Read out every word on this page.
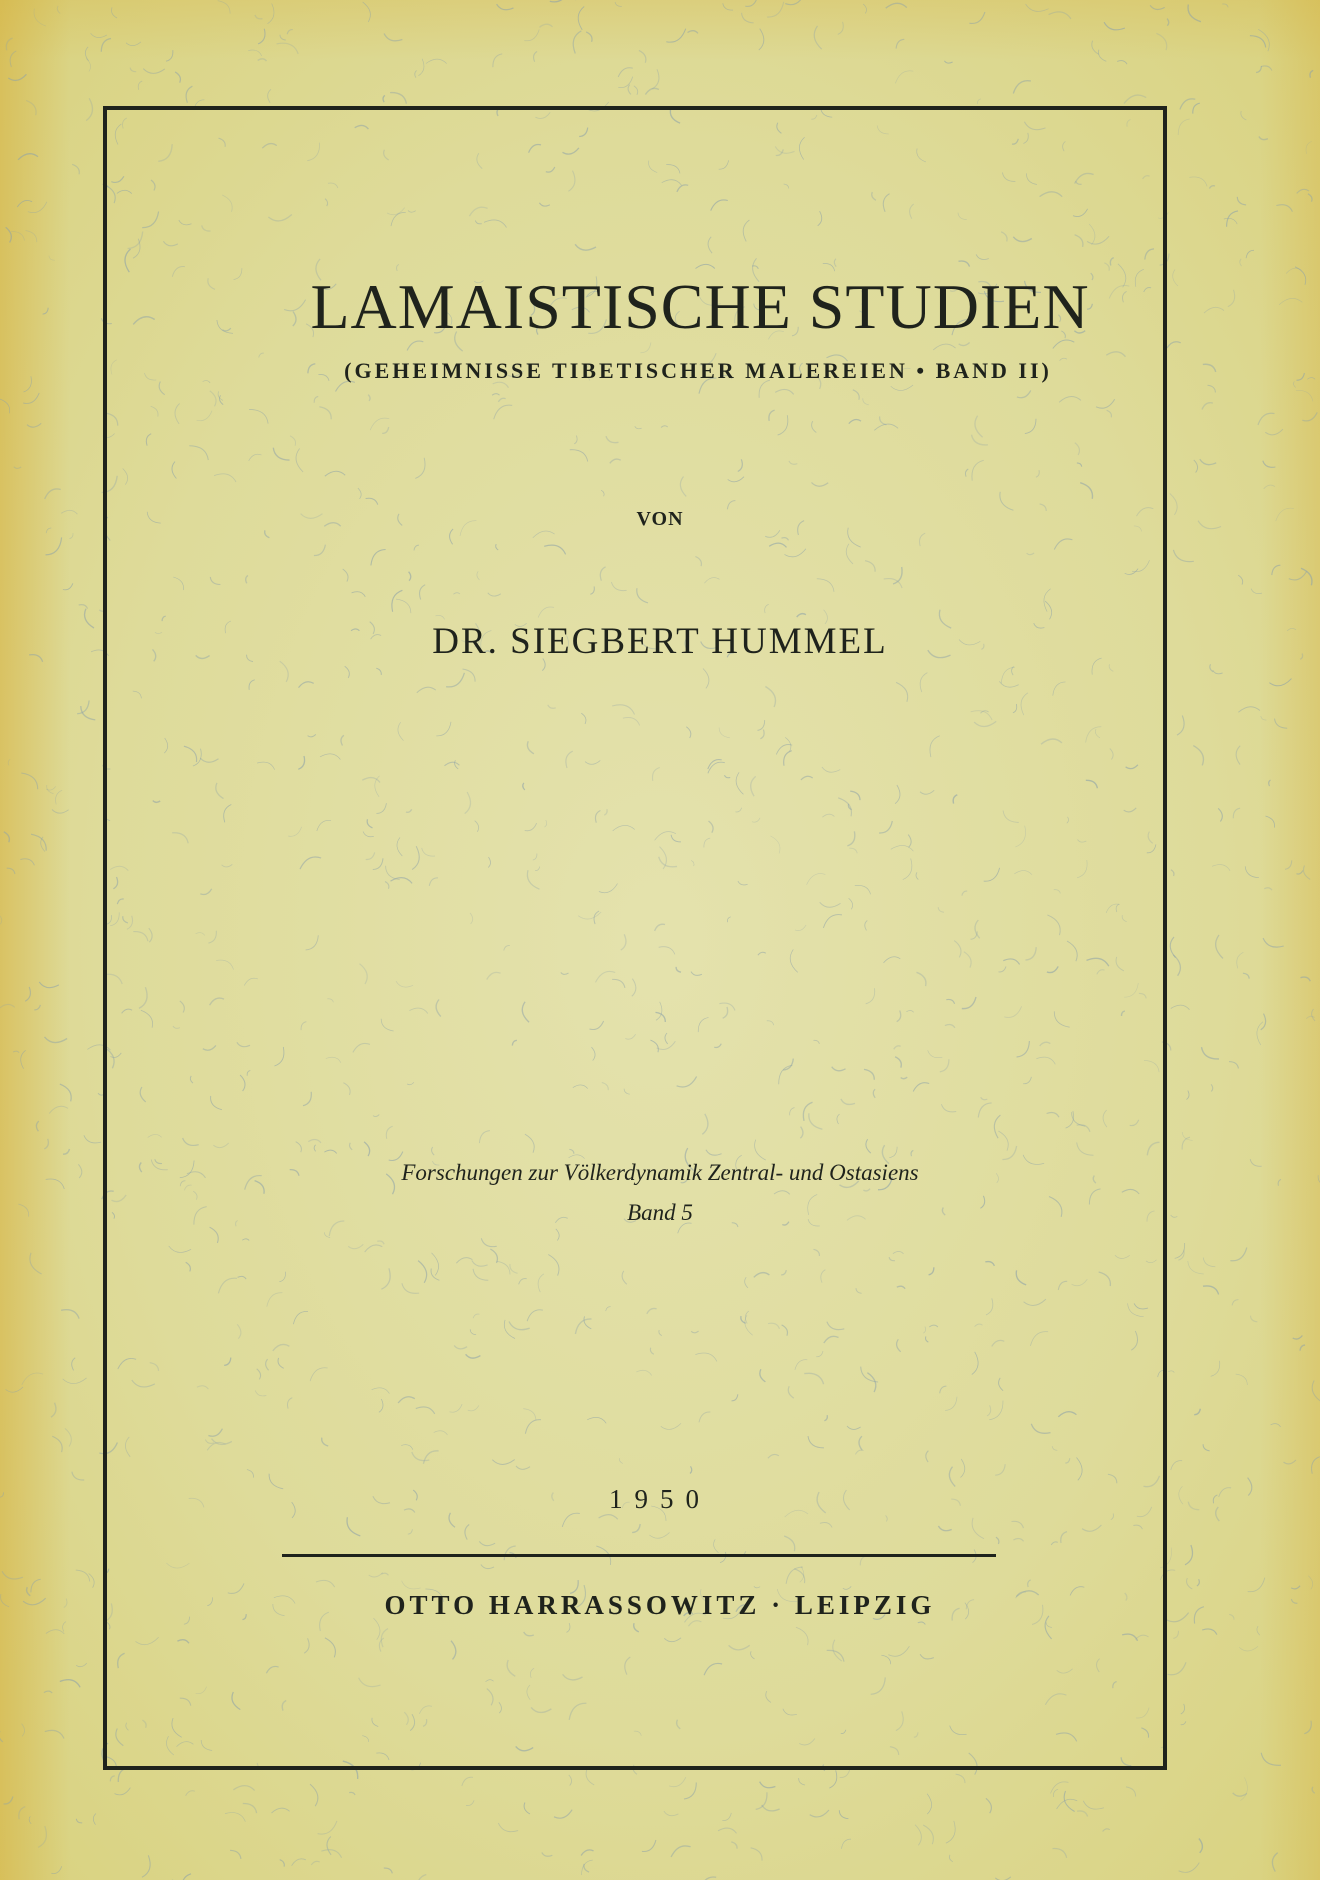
LAMAISTISCHE STUDIEN
(GEHEIMNISSE TIBETISCHER MALEREIEN • BAND II)
VON
DR. SIEGBERT HUMMEL
Forschungen zur Völkerdynamik Zentral- und Ostasiens
Band 5
1950
OTTO HARRASSOWITZ · LEIPZIG
